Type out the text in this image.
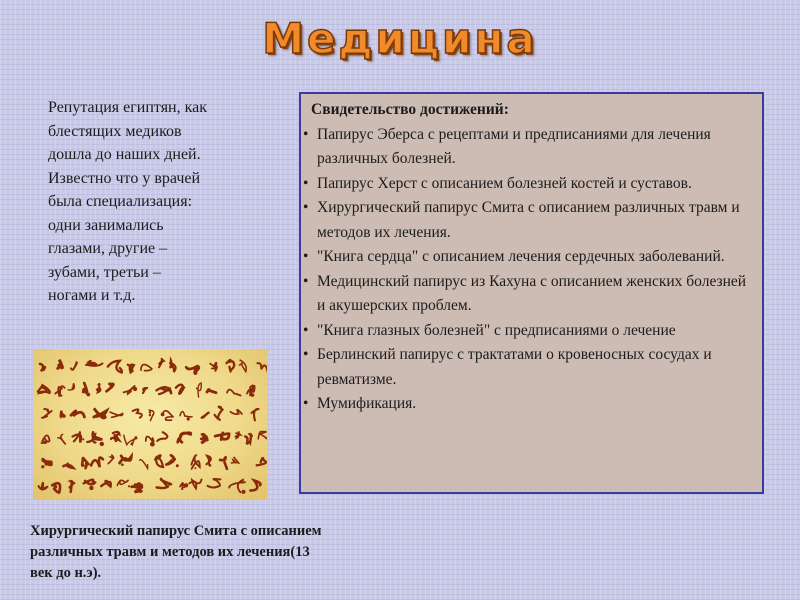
Медицина
Репутация египтян, как
блестящих медиков
дошла до наших дней.
Известно что у врачей
была специализация:
одни занимались
глазами, другие –
зубами, третьи –
ногами и т.д.
Свидетельство достижений:
• Папирус Эберса с рецептами и предписаниями для лечения различных болезней.
• Папирус Херст с описанием болезней костей и суставов.
• Хирургический папирус Смита с описанием различных травм и методов их лечения.
• "Книга сердца" с описанием лечения сердечных заболеваний.
• Медицинский папирус из Кахуна с описанием женских болезней и акушерских проблем.
• "Книга глазных болезней" с предписаниями о лечение
• Берлинский папирус с трактатами о кровеносных сосудах и ревматизме.
• Мумификация.
Хирургический папирус Смита с описанием различных травм и методов их лечения(13 век до н.э).
